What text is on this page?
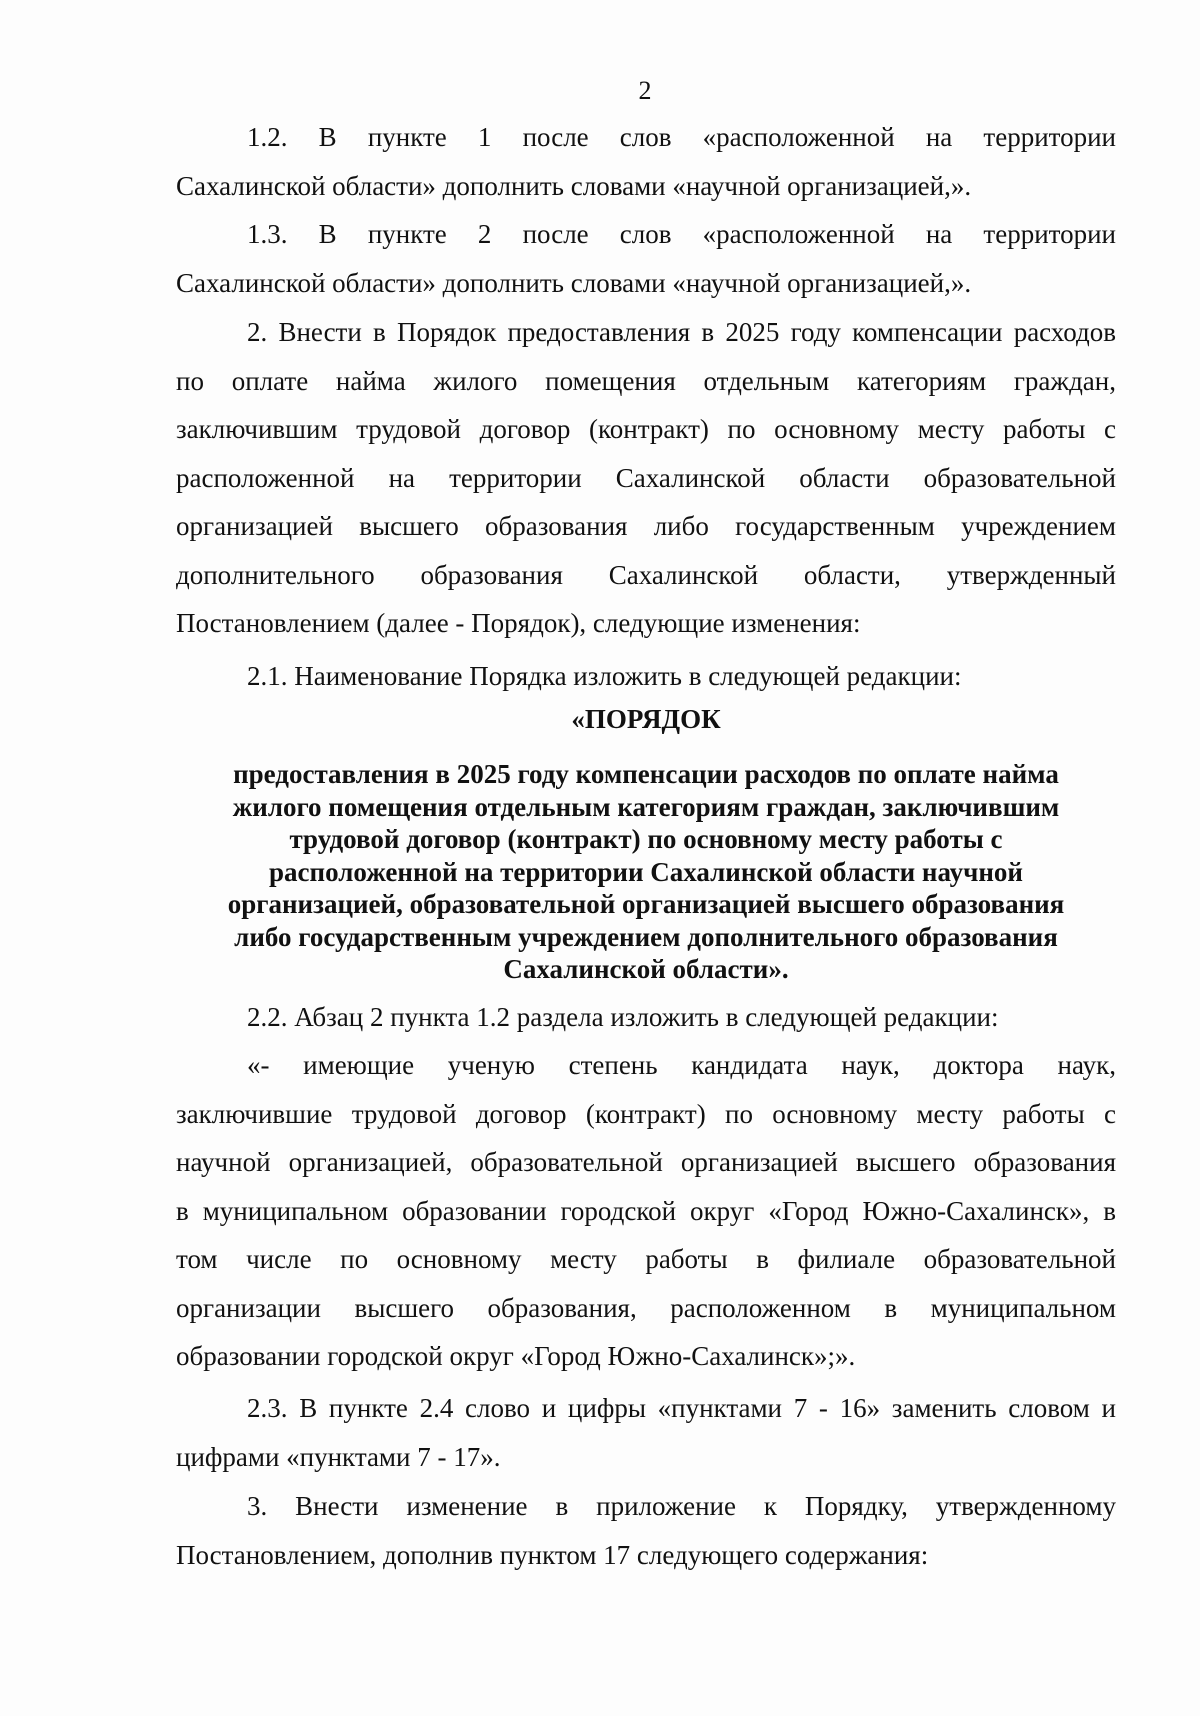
2
1.2. В пункте 1 после слов «расположенной на территории
Сахалинской области» дополнить словами «научной организацией,».
1.3. В пункте 2 после слов «расположенной на территории
Сахалинской области» дополнить словами «научной организацией,».
2. Внести в Порядок предоставления в 2025 году компенсации расходов
по оплате найма жилого помещения отдельным категориям граждан,
заключившим трудовой договор (контракт) по основному месту работы с
расположенной на территории Сахалинской области образовательной
организацией высшего образования либо государственным учреждением
дополнительного образования Сахалинской области, утвержденный
Постановлением (далее - Порядок), следующие изменения:
2.1. Наименование Порядка изложить в следующей редакции:
«ПОРЯДОК
предоставления в 2025 году компенсации расходов по оплате найма
жилого помещения отдельным категориям граждан, заключившим
трудовой договор (контракт) по основному месту работы с
расположенной на территории Сахалинской области научной
организацией, образовательной организацией высшего образования
либо государственным учреждением дополнительного образования
Сахалинской области».
2.2. Абзац 2 пункта 1.2 раздела изложить в следующей редакции:
«- имеющие ученую степень кандидата наук, доктора наук,
заключившие трудовой договор (контракт) по основному месту работы с
научной организацией, образовательной организацией высшего образования
в муниципальном образовании городской округ «Город Южно-Сахалинск», в
том числе по основному месту работы в филиале образовательной
организации высшего образования, расположенном в муниципальном
образовании городской округ «Город Южно-Сахалинск»;».
2.3. В пункте 2.4 слово и цифры «пунктами 7 - 16» заменить словом и
цифрами «пунктами 7 - 17».
3. Внести изменение в приложение к Порядку, утвержденному
Постановлением, дополнив пунктом 17 следующего содержания:
